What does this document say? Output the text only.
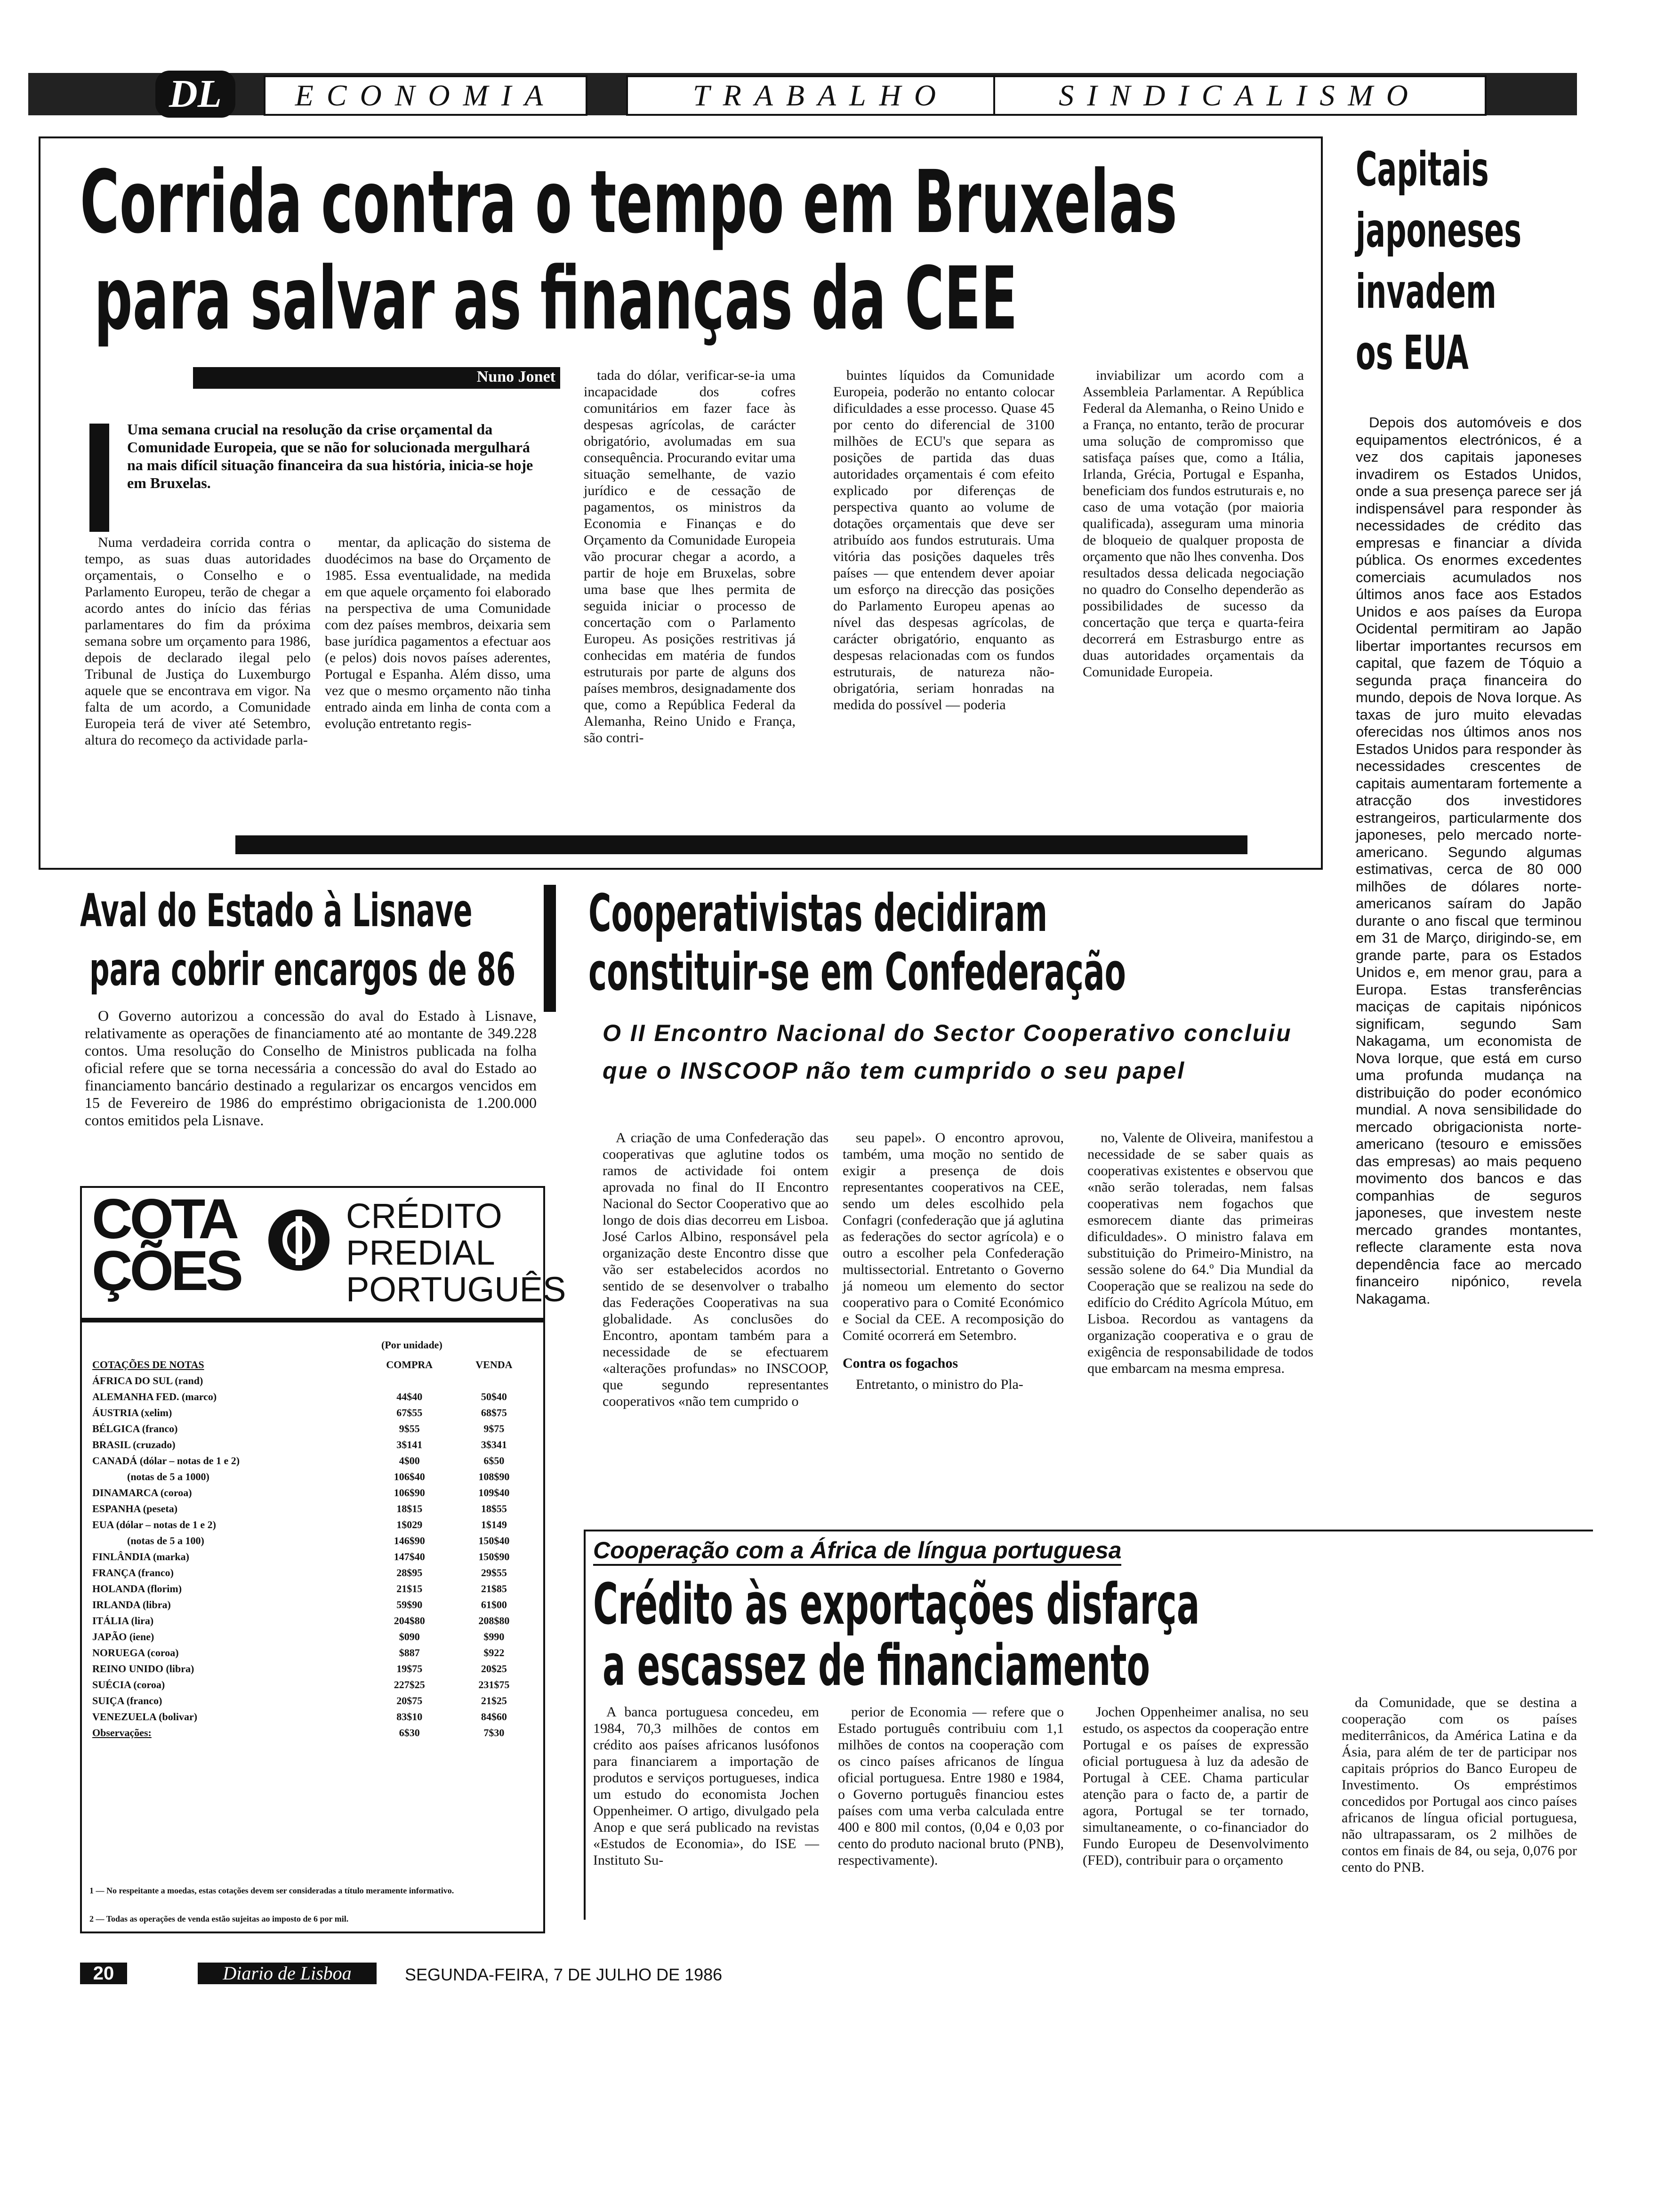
DL	ECONOMIA	TRABALHO	SINDICALISMO
Corrida contra o tempo em Bruxelas
para salvar as finanças da CEE
Nuno Jonet
Uma semana crucial na resolução da crise orçamental da Comunidade Europeia, que se não for solucionada mergulhará na mais difícil situação financeira da sua história, inicia-se hoje em Bruxelas.

Numa verdadeira corrida contra o tempo, as suas duas autoridades orçamentais, o Conselho e o Parlamento Europeu, terão de chegar a acordo antes do início das férias parlamentares do fim da próxima semana sobre um orçamento para 1986, depois de declarado ilegal pelo Tribunal de Justiça do Luxemburgo aquele que se encontrava em vigor. Na falta de um acordo, a Comunidade Europeia terá de viver até Setembro, altura do recomeço da actividade parla-

mentar, da aplicação do sistema de duodécimos na base do Orçamento de 1985. Essa eventualidade, na medida em que aquele orçamento foi elaborado na perspectiva de uma Comunidade com dez países membros, deixaria sem base jurídica pagamentos a efectuar aos (e pelos) dois novos países aderentes, Portugal e Espanha. Além disso, uma vez que o mesmo orçamento não tinha entrado ainda em linha de conta com a evolução entretanto regis-

tada do dólar, verificar-se-ia uma incapacidade dos cofres comunitários em fazer face às despesas agrícolas, de carácter obrigatório, avolumadas em sua consequência. Procurando evitar uma situação semelhante, de vazio jurídico e de cessação de pagamentos, os ministros da Economia e Finanças e do Orçamento da Comunidade Europeia vão procurar chegar a acordo, a partir de hoje em Bruxelas, sobre uma base que lhes permita de seguida iniciar o processo de concertação com o Parlamento Europeu. As posições restritivas já conhecidas em matéria de fundos estruturais por parte de alguns dos países membros, designadamente dos que, como a República Federal da Alemanha, Reino Unido e França, são contri-

buintes líquidos da Comunidade Europeia, poderão no entanto colocar dificuldades a esse processo. Quase 45 por cento do diferencial de 3100 milhões de ECU's que separa as posições de partida das duas autoridades orçamentais é com efeito explicado por diferenças de perspectiva quanto ao volume de dotações orçamentais que deve ser atribuído aos fundos estruturais. Uma vitória das posições daqueles três países — que entendem dever apoiar um esforço na direcção das posições do Parlamento Europeu apenas ao nível das despesas agrícolas, de carácter obrigatório, enquanto as despesas relacionadas com os fundos estruturais, de natureza não-obrigatória, seriam honradas na medida do possível — poderia

inviabilizar um acordo com a Assembleia Parlamentar. A República Federal da Alemanha, o Reino Unido e a França, no entanto, terão de procurar uma solução de compromisso que satisfaça países que, como a Itália, Irlanda, Grécia, Portugal e Espanha, beneficiam dos fundos estruturais e, no caso de uma votação (por maioria qualificada), asseguram uma minoria de bloqueio de qualquer proposta de orçamento que não lhes convenha. Dos resultados dessa delicada negociação no quadro do Conselho dependerão as possibilidades de sucesso da concertação que terça e quarta-feira decorrerá em Estrasburgo entre as duas autoridades orçamentais da Comunidade Europeia.

Capitais
japoneses
invadem
os EUA

Depois dos automóveis e dos equipamentos electrónicos, é a vez dos capitais japoneses invadirem os Estados Unidos, onde a sua presença parece ser já indispensável para responder às necessidades de crédito das empresas e financiar a dívida pública. Os enormes excedentes comerciais acumulados nos últimos anos face aos Estados Unidos e aos países da Europa Ocidental permitiram ao Japão libertar importantes recursos em capital, que fazem de Tóquio a segunda praça financeira do mundo, depois de Nova Iorque. As taxas de juro muito elevadas oferecidas nos últimos anos nos Estados Unidos para responder às necessidades crescentes de capitais aumentaram fortemente a atracção dos investidores estrangeiros, particularmente dos japoneses, pelo mercado norte-americano. Segundo algumas estimativas, cerca de 80 000 milhões de dólares norte-americanos saíram do Japão durante o ano fiscal que terminou em 31 de Março, dirigindo-se, em grande parte, para os Estados Unidos e, em menor grau, para a Europa. Estas transferências maciças de capitais nipónicos significam, segundo Sam Nakagama, um economista de Nova Iorque, que está em curso uma profunda mudança na distribuição do poder económico mundial. A nova sensibilidade do mercado obrigacionista norte-americano (tesouro e emissões das empresas) ao mais pequeno movimento dos bancos e das companhias de seguros japoneses, que investem neste mercado grandes montantes, reflecte claramente esta nova dependência face ao mercado financeiro nipónico, revela Nakagama.

Aval do Estado à Lisnave
para cobrir encargos de 86

O Governo autorizou a concessão do aval do Estado à Lisnave, relativamente as operações de financiamento até ao montante de 349.228 contos. Uma resolução do Conselho de Ministros publicada na folha oficial refere que se torna necessária a concessão do aval do Estado ao financiamento bancário destinado a regularizar os encargos vencidos em 15 de Fevereiro de 1986 do empréstimo obrigacionista de 1.200.000 contos emitidos pela Lisnave.

COTA
ÇÕES
CRÉDITO
PREDIAL
PORTUGUÊS
(Por unidade)
COTAÇÕES DE NOTAS	COMPRA	VENDA
ÁFRICA DO SUL (rand)		
ALEMANHA FED. (marco)	44$40	50$40
ÁUSTRIA (xelim)	67$55	68$75
BÉLGICA (franco)	9$55	9$75
BRASIL (cruzado)	3$141	3$341
CANADÁ (dólar – notas de 1 e 2)	4$00	6$50
(notas de 5 a 1000)	106$40	108$90
DINAMARCA (coroa)	106$90	109$40
ESPANHA (peseta)	18$15	18$55
EUA (dólar – notas de 1 e 2)	1$029	1$149
(notas de 5 a 100)	146$90	150$40
FINLÂNDIA (marka)	147$40	150$90
FRANÇA (franco)	28$95	29$55
HOLANDA (florim)	21$15	21$85
IRLANDA (libra)	59$90	61$00
ITÁLIA (lira)	204$80	208$80
JAPÃO (iene)	$090	$990
NORUEGA (coroa)	$887	$922
REINO UNIDO (libra)	19$75	20$25
SUÉCIA (coroa)	227$25	231$75
SUIÇA (franco)	20$75	21$25
VENEZUELA (bolivar)	83$10	84$60
Observações:	6$30	7$30
1 — No respeitante a moedas, estas cotações devem ser consideradas a título meramente informativo.
2 — Todas as operações de venda estão sujeitas ao imposto de 6 por mil.
Cooperativistas decidiram
constituir-se em Confederação
O II Encontro Nacional do Sector Cooperativo concluiu que o INSCOOP não tem cumprido o seu papel

A criação de uma Confederação das cooperativas que aglutine todos os ramos de actividade foi ontem aprovada no final do II Encontro Nacional do Sector Cooperativo que ao longo de dois dias decorreu em Lisboa. José Carlos Albino, responsável pela organização deste Encontro disse que vão ser estabelecidos acordos no sentido de se desenvolver o trabalho das Federações Cooperativas na sua globalidade. As conclusões do Encontro, apontam também para a necessidade de se efectuarem «alterações profundas» no INSCOOP, que segundo representantes cooperativos «não tem cumprido o

seu papel». O encontro aprovou, também, uma moção no sentido de exigir a presença de dois representantes cooperativos na CEE, sendo um deles escolhido pela Confagri (confederação que já aglutina as federações do sector agrícola) e o outro a escolher pela Confederação multissectorial. Entretanto o Governo já nomeou um elemento do sector cooperativo para o Comité Económico e Social da CEE. A recomposição do Comité ocorrerá em Setembro.

Contra os fogachos

Entretanto, o ministro do Pla-

no, Valente de Oliveira, manifestou a necessidade de se saber quais as cooperativas existentes e observou que «não serão toleradas, nem falsas cooperativas nem fogachos que esmorecem diante das primeiras dificuldades». O ministro falava em substituição do Primeiro-Ministro, na sessão solene do 64.º Dia Mundial da Cooperação que se realizou na sede do edifício do Crédito Agrícola Mútuo, em Lisboa. Recordou as vantagens da organização cooperativa e o grau de exigência de responsabilidade de todos que embarcam na mesma empresa.

Cooperação com a África de língua portuguesa
Crédito às exportações disfarça
a escassez de financiamento

A banca portuguesa concedeu, em 1984, 70,3 milhões de contos em crédito aos países africanos lusófonos para financiarem a importação de produtos e serviços portugueses, indica um estudo do economista Jochen Oppenheimer. O artigo, divulgado pela Anop e que será publicado na revistas «Estudos de Economia», do ISE — Instituto Su-

perior de Economia — refere que o Estado português contribuiu com 1,1 milhões de contos na cooperação com os cinco países africanos de língua oficial portuguesa. Entre 1980 e 1984, o Governo português financiou estes países com uma verba calculada entre 400 e 800 mil contos, (0,04 e 0,03 por cento do produto nacional bruto (PNB), respectivamente).

Jochen Oppenheimer analisa, no seu estudo, os aspectos da cooperação entre Portugal e os países de expressão oficial portuguesa à luz da adesão de Portugal à CEE. Chama particular atenção para o facto de, a partir de agora, Portugal se ter tornado, simultaneamente, o co-financiador do Fundo Europeu de Desenvolvimento (FED), contribuir para o orçamento

da Comunidade, que se destina a cooperação com os países mediterrânicos, da América Latina e da Ásia, para além de ter de participar nos capitais próprios do Banco Europeu de Investimento. Os empréstimos concedidos por Portugal aos cinco países africanos de língua oficial portuguesa, não ultrapassaram, os 2 milhões de contos em finais de 84, ou seja, 0,076 por cento do PNB.

20	Diario de Lisboa	SEGUNDA-FEIRA, 7 DE JULHO DE 1986
